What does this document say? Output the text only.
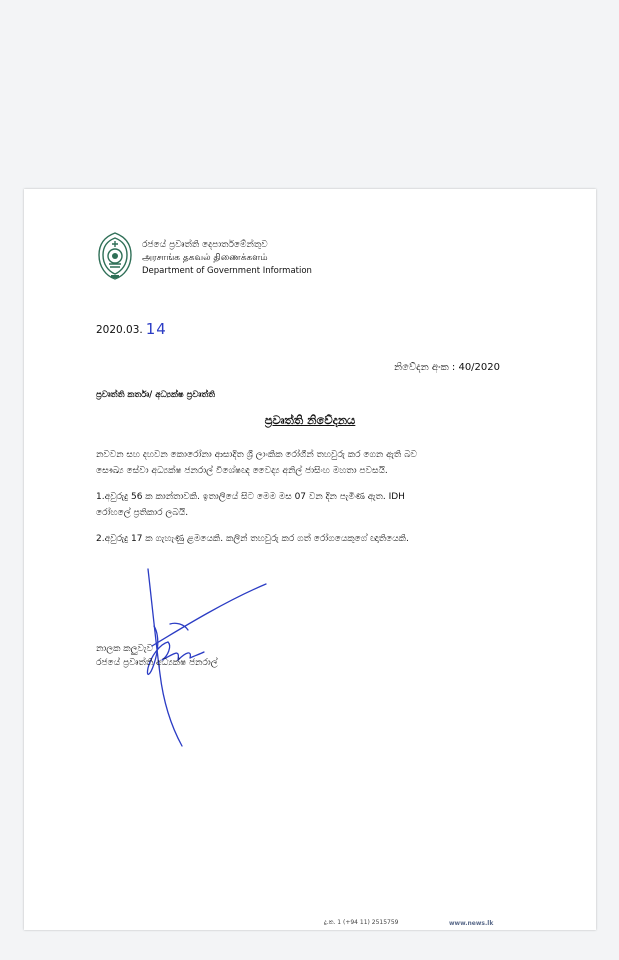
රජයේ ප්‍රවෘත්ති දෙපාර්තමේන්තුව
அரசாங்க தகவல் திணைக்களம்
Department of Government Information
2020.03. 14
නිවේදන අංක : 40/2020
ප්‍රවෘත්ති කර්තෘ/ අධ්‍යක්ෂ ප්‍රවෘත්ති
ප්‍රවෘත්ති නිවේදනය

නවවන සහ දහවන කොරෝනා ආසාදිත ශ්‍රී ලාංකික රෝගීන් තහවුරු කර ගෙන ඇති බව
සෞඛ්‍ය සේවා අධ්‍යක්ෂ ජනරාල් විශේෂඥ වෛද්‍ය අනිල් ජාසිංහ මහතා පවසයි.

1.අවුරුදු 56 ක කාන්තාවකි. ඉතාලියේ සිට මෙම මස 07 වන දින පැමිණ ඇත. IDH
රෝහලේ ප්‍රතිකාර ලබයි.

2.අවුරුදු 17 ක ගැහැණු ළමයෙකි. කලින් තහවුරු කර ගත් රෝගයෙකුගේ ඥාතියෙකි.

නාලක කලුවැව
රජයේ ප්‍රවෘත්ති අධ්‍යක්ෂ ජනරාල්
දු.ක. 1 (+94 11) 2515759	www.news.lk
